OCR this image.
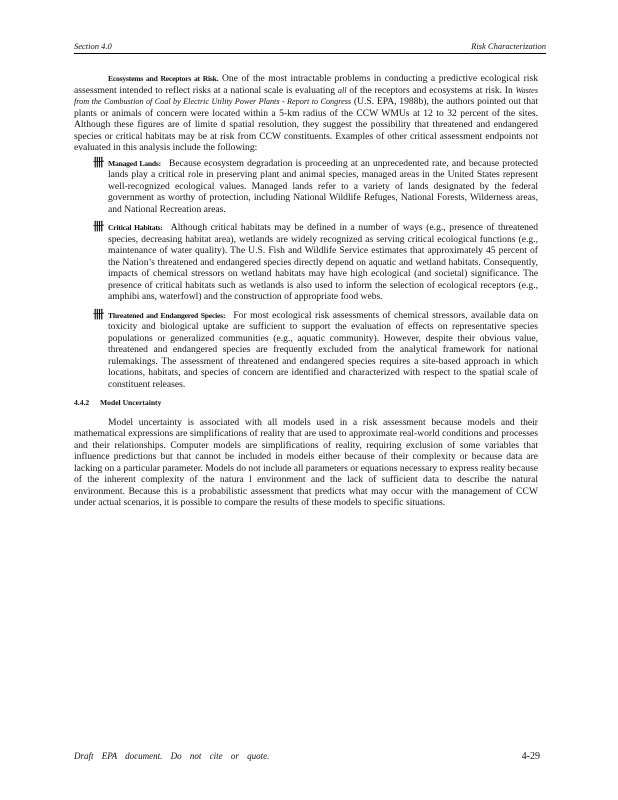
Section 4.0	Risk Characterization

Ecosystems and Receptors at Risk. One of the most intractable problems in conducting a predictive ecological risk assessment intended to reflect risks at a national scale is evaluating all of the receptors and ecosystems at risk. In Wastes from the Combustion of Coal by Electric Utility Power Plants - Report to Congress (U.S. EPA, 1988b), the authors pointed out that plants or animals of concern were located within a 5-km radius of the CCW WMUs at 12 to 32 percent of the sites. Although these figures are of limite d spatial resolution, they suggest the possibility that threatened and endangered species or critical habitats may be at risk from CCW constituents. Examples of other critical assessment endpoints not evaluated in this analysis include the following:

卌 Managed Lands: Because ecosystem degradation is proceeding at an unprecedented rate, and because protected lands play a critical role in preserving plant and animal species, managed areas in the United States represent well-recognized ecological values. Managed lands refer to a variety of lands designated by the federal government as worthy of protection, including National Wildlife Refuges, National Forests, Wilderness areas, and National Recreation areas.
卌 Critical Habitats: Although critical habitats may be defined in a number of ways (e.g., presence of threatened species, decreasing habitat area), wetlands are widely recognized as serving critical ecological functions (e.g., maintenance of water quality). The U.S. Fish and Wildlife Service estimates that approximately 45 percent of the Nation’s threatened and endangered species directly depend on aquatic and wetland habitats. Consequently, impacts of chemical stressors on wetland habitats may have high ecological (and societal) significance. The presence of critical habitats such as wetlands is also used to inform the selection of ecological receptors (e.g., amphibi ans, waterfowl) and the construction of appropriate food webs.
卌 Threatened and Endangered Species: For most ecological risk assessments of chemical stressors, available data on toxicity and biological uptake are sufficient to support the evaluation of effects on representative species populations or generalized communities (e.g., aquatic community). However, despite their obvious value, threatened and endangered species are frequently excluded from the analytical framework for national rulemakings. The assessment of threatened and endangered species requires a site-based approach in which locations, habitats, and species of concern are identified and characterized with respect to the spatial scale of constituent releases.
4.4.2 Model Uncertainty

Model uncertainty is associated with all models used in a risk assessment because models and their mathematical expressions are simplifications of reality that are used to approximate real-world conditions and processes and their relationships. Computer models are simplifications of reality, requiring exclusion of some variables that influence predictions but that cannot be included in models either because of their complexity or because data are lacking on a particular parameter. Models do not include all parameters or equations necessary to express reality because of the inherent complexity of the natura l environment and the lack of sufficient data to describe the natural environment. Because this is a probabilistic assessment that predicts what may occur with the management of CCW under actual scenarios, it is possible to compare the results of these models to specific situations.

Draft EPA document. Do not cite or quote.	4-29
